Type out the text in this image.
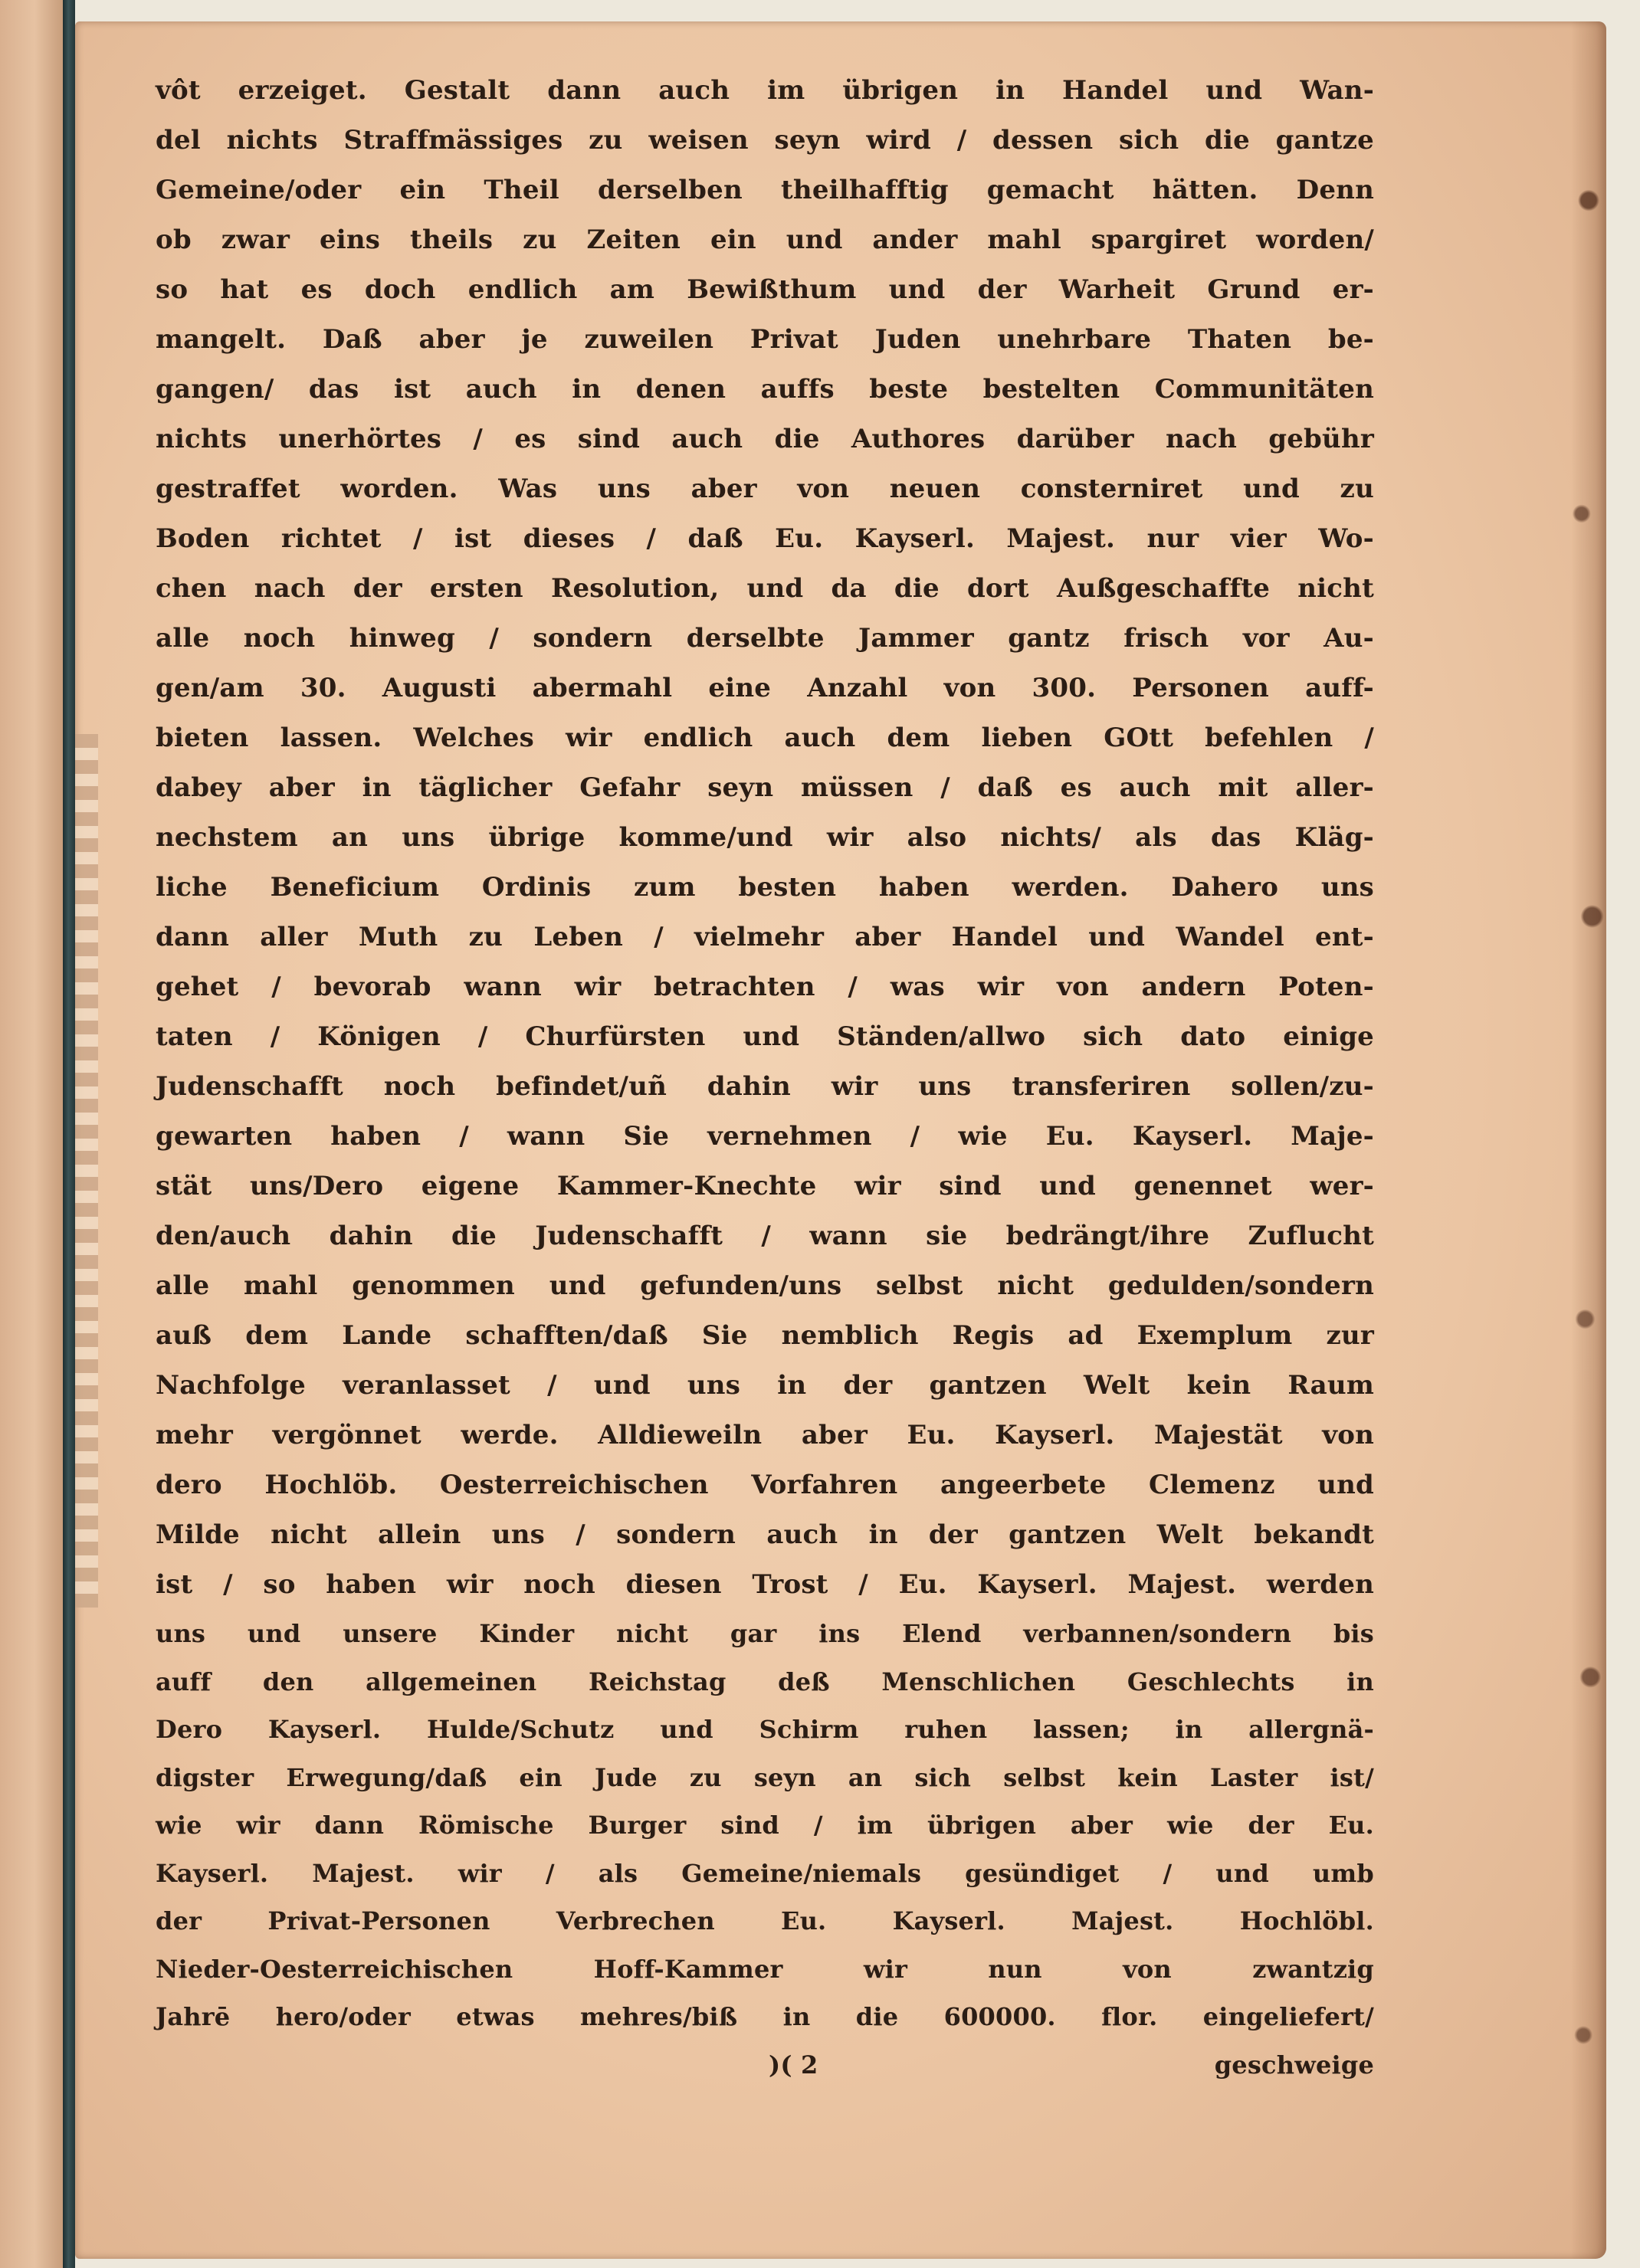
vôt erzeiget. Gestalt dann auch im übrigen in Handel und Wan-
del nichts Straffmässiges zu weisen seyn wird / dessen sich die gantze
Gemeine/oder ein Theil derselben theilhafftig gemacht hätten. Denn
ob zwar eins theils zu Zeiten ein und ander mahl spargiret worden/
so hat es doch endlich am Bewißthum und der Warheit Grund er-
mangelt. Daß aber je zuweilen Privat Juden unehrbare Thaten be-
gangen/ das ist auch in denen auffs beste bestelten Communitäten
nichts unerhörtes / es sind auch die Authores darüber nach gebühr
gestraffet worden. Was uns aber von neuen consterniret und zu
Boden richtet / ist dieses / daß Eu. Kayserl. Majest. nur vier Wo-
chen nach der ersten Resolution, und da die dort Außgeschaffte nicht
alle noch hinweg / sondern derselbte Jammer gantz frisch vor Au-
gen/am 30. Augusti abermahl eine Anzahl von 300. Personen auff-
bieten lassen. Welches wir endlich auch dem lieben GOtt befehlen /
dabey aber in täglicher Gefahr seyn müssen / daß es auch mit aller-
nechstem an uns übrige komme/und wir also nichts/ als das Kläg-
liche Beneficium Ordinis zum besten haben werden. Dahero uns
dann aller Muth zu Leben / vielmehr aber Handel und Wandel ent-
gehet / bevorab wann wir betrachten / was wir von andern Poten-
taten / Königen / Churfürsten und Ständen/allwo sich dato einige
Judenschafft noch befindet/uñ dahin wir uns transferiren sollen/zu-
gewarten haben / wann Sie vernehmen / wie Eu. Kayserl. Maje-
stät uns/Dero eigene Kammer-Knechte wir sind und genennet wer-
den/auch dahin die Judenschafft / wann sie bedrängt/ihre Zuflucht
alle mahl genommen und gefunden/uns selbst nicht gedulden/sondern
auß dem Lande schafften/daß Sie nemblich Regis ad Exemplum zur
Nachfolge veranlasset / und uns in der gantzen Welt kein Raum
mehr vergönnet werde. Alldieweiln aber Eu. Kayserl. Majestät von
dero Hochlöb. Oesterreichischen Vorfahren angeerbete Clemenz und
Milde nicht allein uns / sondern auch in der gantzen Welt bekandt
ist / so haben wir noch diesen Trost / Eu. Kayserl. Majest. werden
uns und unsere Kinder nicht gar ins Elend verbannen/sondern bis
auff den allgemeinen Reichstag deß Menschlichen Geschlechts in
Dero Kayserl. Hulde/Schutz und Schirm ruhen lassen; in allergnä-
digster Erwegung/daß ein Jude zu seyn an sich selbst kein Laster ist/
wie wir dann Römische Burger sind / im übrigen aber wie der Eu.
Kayserl. Majest. wir / als Gemeine/niemals gesündiget / und umb
der Privat-Personen Verbrechen Eu. Kayserl. Majest. Hochlöbl.
Nieder-Oesterreichischen Hoff-Kammer wir nun von zwantzig
Jahrē hero/oder etwas mehres/biß in die 600000. flor. eingeliefert/
)( 2	geschweige
